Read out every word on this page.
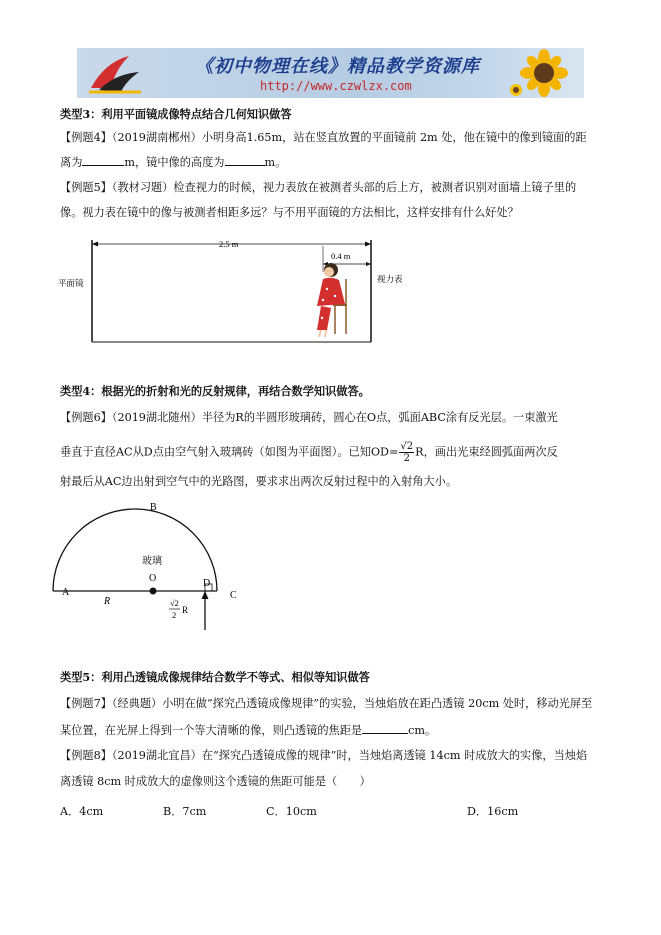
《初中物理在线》精品教学资源库
http://www.czwlzx.com
类型3：利用平面镜成像特点结合几何知识做答
【例题4】（2019湖南郴州）小明身高1.65m，站在竖直放置的平面镜前 2m 处，他在镜中的像到镜面的距
离为	m，镜中像的高度为	m。
【例题5】（教材习题）检查视力的时候，视力表放在被测者头部的后上方，被测者识别对面墙上镜子里的
像。视力表在镜中的像与被测者相距多远？与不用平面镜的方法相比，这样安排有什么好处？
2.5 m
0.4 m
平面镜	视力表
类型4：根据光的折射和光的反射规律，再结合数学知识做答。
【例题6】（2019湖北随州）半径为R的半圆形玻璃砖，圆心在O点，弧面ABC涂有反光层。一束激光
垂直于直径AC从D点由空气射入玻璃砖（如图为平面图）。已知$OD= \frac{√2}{2}$ R，画出光束经圆弧面两次反
射最后从AC边出射到空气中的光路图，要求求出两次反射过程中的入射角大小。
B
A
O	D
C
玻璃
R	√2
2 R
类型5：利用凸透镜成像规律结合数学不等式、相似等知识做答
【例题7】（经典题）小明在做“探究凸透镜成像规律”的实验，当烛焰放在距凸透镜 20cm 处时，移动光屏至
某位置，在光屏上得到一个等大清晰的像，则凸透镜的焦距是	cm。
【例题8】（2019湖北宜昌）在“探究凸透镜成像的规律”时，当烛焰离透镜 14cm 时成放大的实像，当烛焰
离透镜 8cm 时成放大的虚像则这个透镜的焦距可能是（　　）
A．4cm	B．7cm	C．10cm	D．16cm
